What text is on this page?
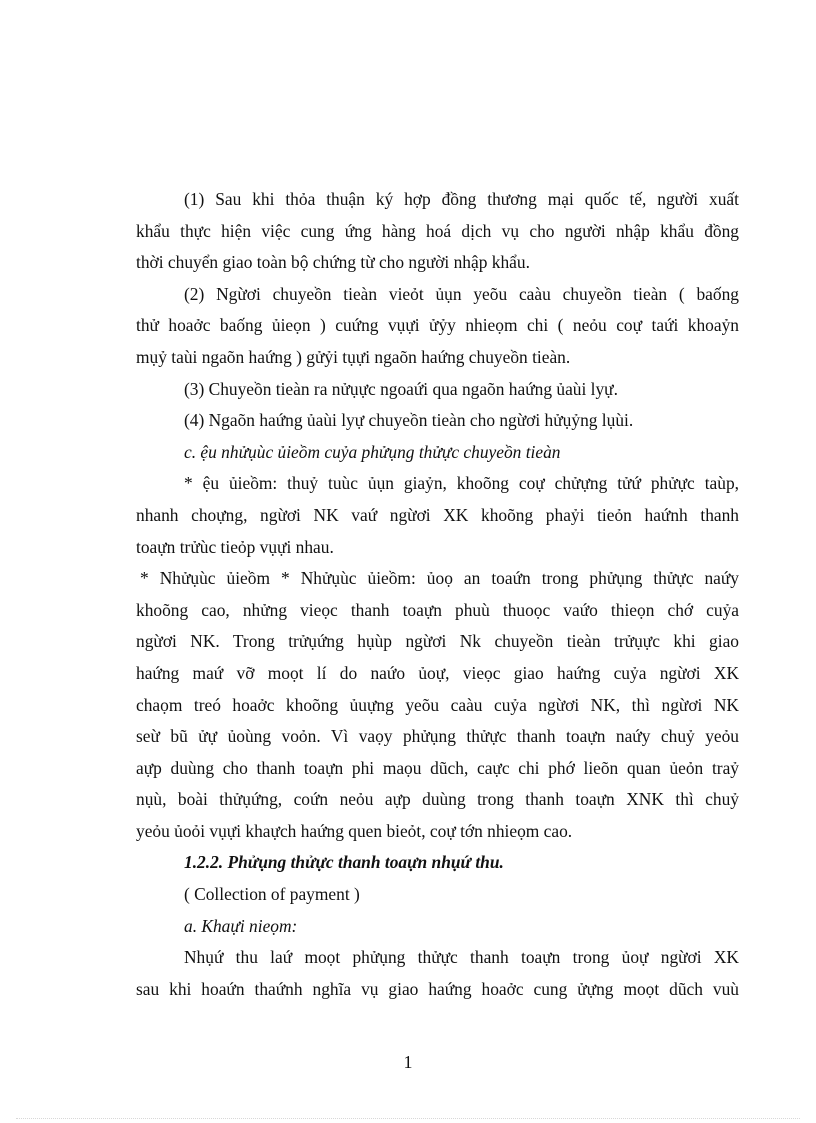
(1) Sau khi thỏa thuận ký hợp đồng thương mại quốc tế, người xuất
khẩu thực hiện việc cung ứng hàng hoá dịch vụ cho người nhập khẩu đồng
thời chuyển giao toàn bộ chứng từ cho người nhập khẩu.
(2) Ngừơi chuyeồn tieàn vieỏt ủụn yeõu caàu chuyeồn tieàn ( baống
thử hoaởc baống ủieọn ) cuứng vụựi ửỷy nhieọm chi ( neỏu coự taứi khoaỷn
mụỷ taùi ngaõn haứng ) gửỷi tụựi ngaõn haứng chuyeồn tieàn.
(3) Chuyeồn tieàn ra nửụực ngoaứi qua ngaõn haứng ủaùi lyự.
(4) Ngaõn haứng ủaùi lyự chuyeồn tieàn cho ngừơi hửụỷng lụùi.
c. ệu nhửụùc ủieồm cuỷa phửụng thửực chuyeồn tieàn
* ệu ủieồm: thuỷ tuùc ủụn giaỷn, khoõng coự chửựng tửứ phửực taùp,
nhanh choựng, ngừơi NK vaứ ngừơi XK khoõng phaỷi tieỏn haứnh thanh
toaựn trửùc tieỏp vụựi nhau.
* Nhửụùc ủieồm * Nhửụùc ủieồm: ủoọ an toaứn trong phửụng thửực naứy
khoõng cao, nhửng vieọc thanh toaựn phuù thuoọc vaứo thieọn chớ cuỷa
ngừơi NK. Trong trửụứng hụùp ngừơi Nk chuyeồn tieàn trửụực khi giao
haứng maứ vỡ moọt lí do naứo ủoự, vieọc giao haứng cuỷa ngừơi XK
chaọm treó hoaởc khoõng ủuựng yeõu caàu cuỷa ngừơi NK, thì ngừơi NK
seừ bũ ửự ủoùng voỏn. Vì vaọy phửụng thửực thanh toaựn naứy chuỷ yeỏu
aựp duùng cho thanh toaựn phi maọu dũch, caực chi phớ lieõn quan ủeỏn traỷ
nụù, boài thửụứng, coứn neỏu aựp duùng trong thanh toaựn XNK thì chuỷ
yeỏu ủoỏi vụựi khaựch haứng quen bieỏt, coự tớn nhieọm cao.
1.2.2. Phửụng thửực thanh toaựn nhụứ thu.
( Collection of payment )
a. Khaựi nieọm:
Nhụứ thu laứ moọt phửụng thửực thanh toaựn trong ủoự ngừơi XK
sau khi hoaứn thaứnh nghĩa vụ giao haứng hoaởc cung ửựng moọt dũch vuù
1
